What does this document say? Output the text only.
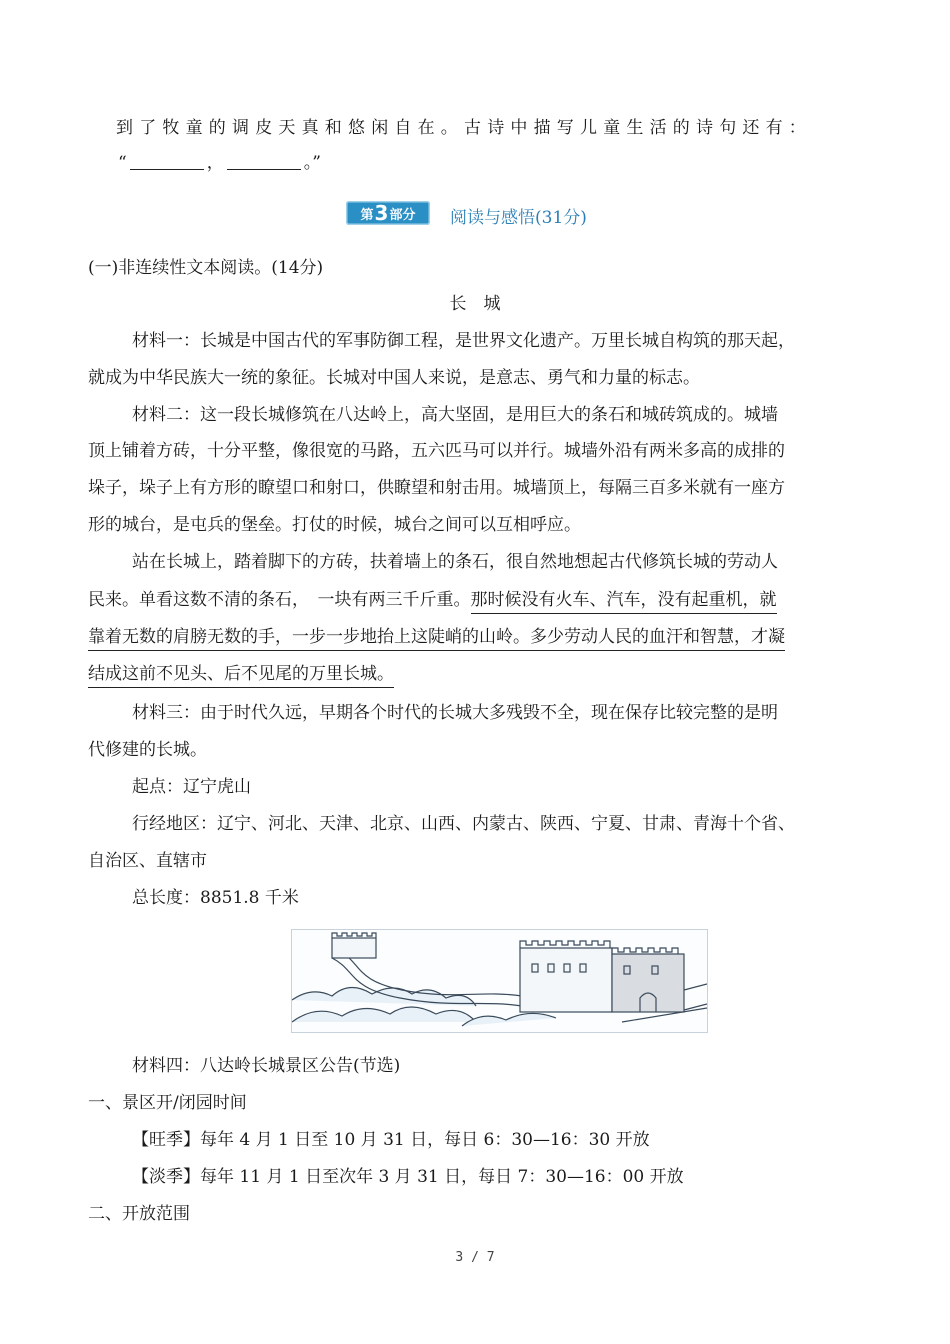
到了牧童的调皮天真和悠闲自在。古诗中描写儿童生活的诗句还有：
“	，	。”
第 3 部分 阅读与感悟(31分)
(一)非连续性文本阅读。(14分)
长　城
材料一：长城是中国古代的军事防御工程，是世界文化遗产。万里长城自构筑的那天起，
就成为中华民族大一统的象征。长城对中国人来说，是意志、勇气和力量的标志。
材料二：这一段长城修筑在八达岭上，高大坚固，是用巨大的条石和城砖筑成的。城墙
顶上铺着方砖，十分平整，像很宽的马路，五六匹马可以并行。城墙外沿有两米多高的成排的
垛子，垛子上有方形的瞭望口和射口，供瞭望和射击用。城墙顶上，每隔三百多米就有一座方
形的城台，是屯兵的堡垒。打仗的时候，城台之间可以互相呼应。
站在长城上，踏着脚下的方砖，扶着墙上的条石，很自然地想起古代修筑长城的劳动人
民来。单看这数不清的条石，　一块有两三千斤重。那时候没有火车、汽车，没有起重机，就
靠着无数的肩膀无数的手，一步一步地抬上这陡峭的山岭。多少劳动人民的血汗和智慧，才凝
结成这前不见头、后不见尾的万里长城。
材料三：由于时代久远，早期各个时代的长城大多残毁不全，现在保存比较完整的是明
代修建的长城。
起点：辽宁虎山
行经地区：辽宁、河北、天津、北京、山西、内蒙古、陕西、宁夏、甘肃、青海十个省、
自治区、直辖市
总长度：8851.8 千米
材料四：八达岭长城景区公告(节选)
一、景区开/闭园时间
【旺季】每年 4 月 1 日至 10 月 31 日，每日 6：30—16：30 开放
【淡季】每年 11 月 1 日至次年 3 月 31 日，每日 7：30—16：00 开放
二、开放范围
3 / 7
